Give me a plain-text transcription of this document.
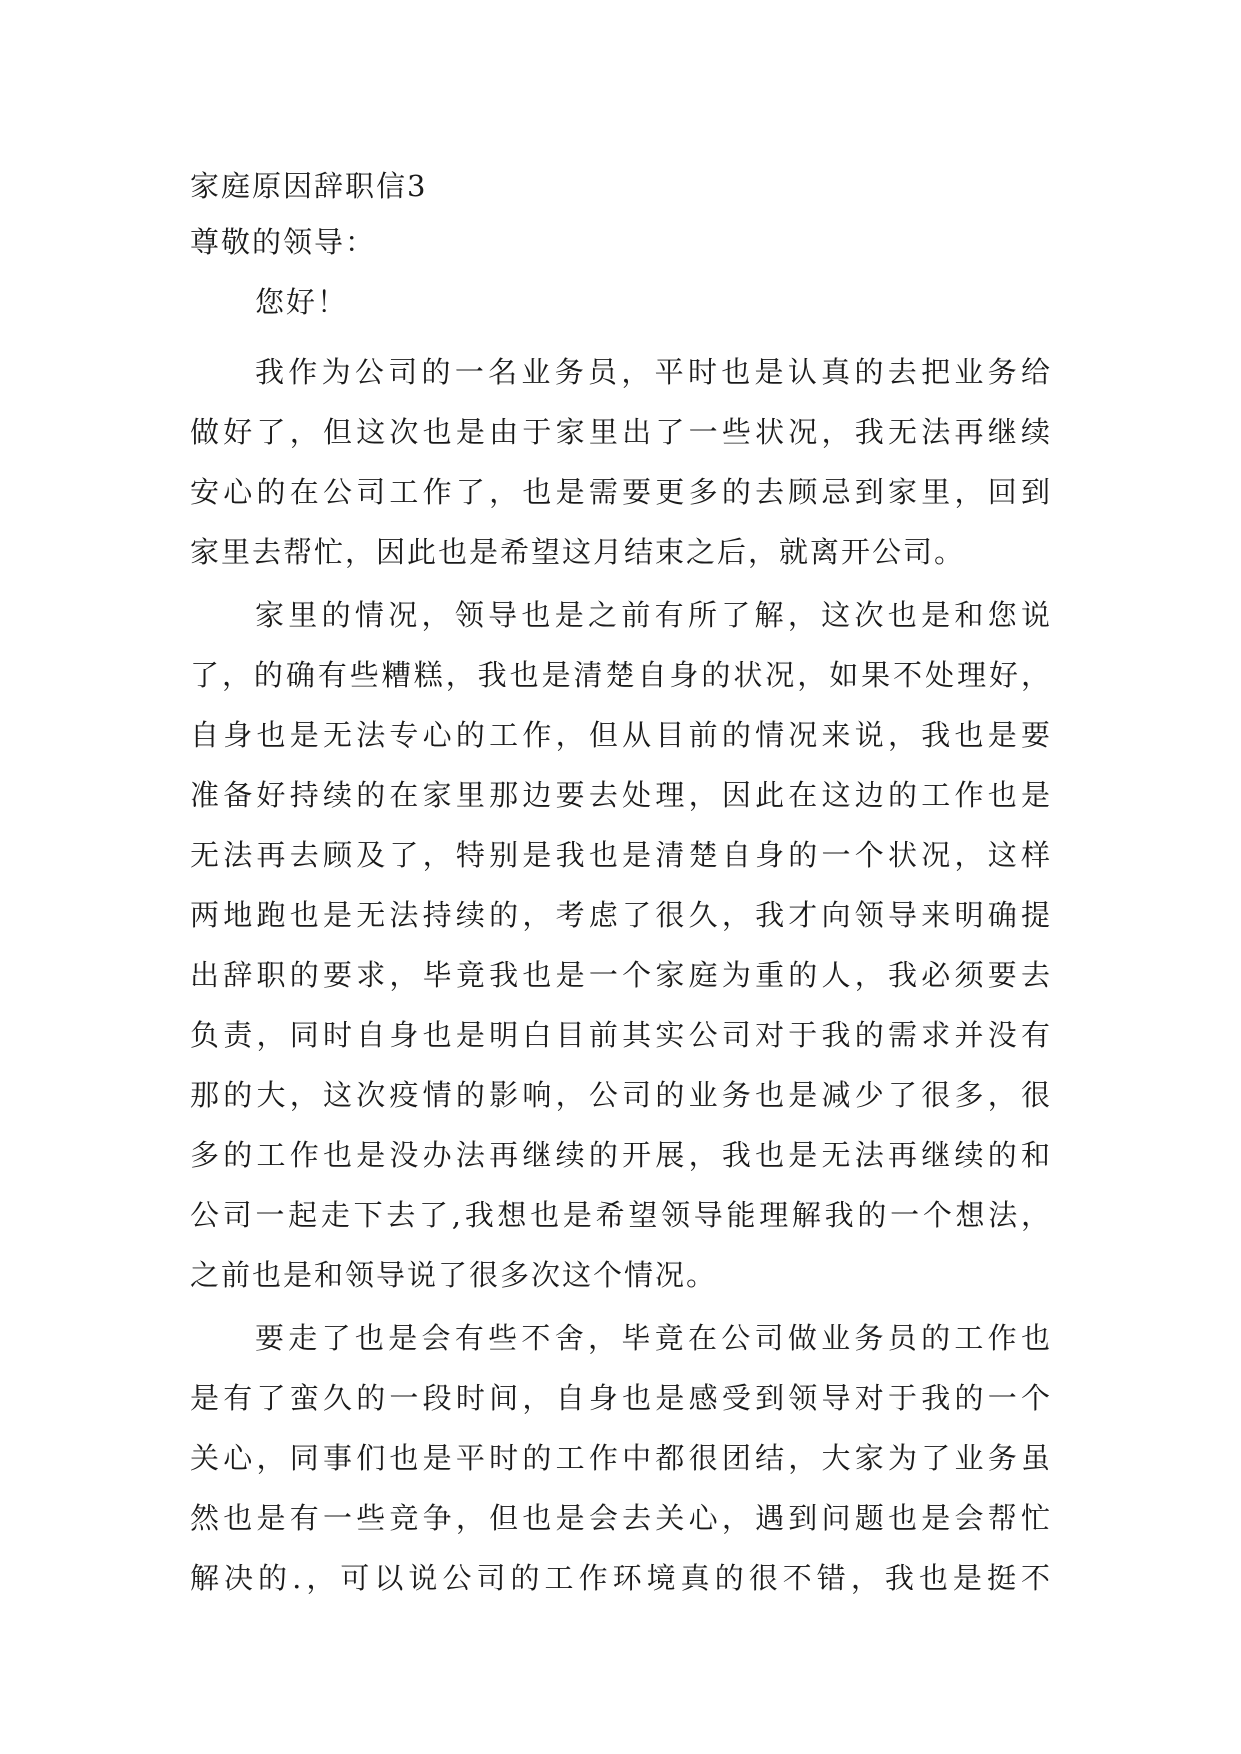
家庭原因辞职信3
尊敬的领导：
您好！
我作为公司的一名业务员，平时也是认真的去把业务给
做好了，但这次也是由于家里出了一些状况，我无法再继续
安心的在公司工作了，也是需要更多的去顾忌到家里，回到
家里去帮忙，因此也是希望这月结束之后，就离开公司。
家里的情况，领导也是之前有所了解，这次也是和您说
了，的确有些糟糕，我也是清楚自身的状况，如果不处理好，
自身也是无法专心的工作，但从目前的情况来说，我也是要
准备好持续的在家里那边要去处理，因此在这边的工作也是
无法再去顾及了，特别是我也是清楚自身的一个状况，这样
两地跑也是无法持续的，考虑了很久，我才向领导来明确提
出辞职的要求，毕竟我也是一个家庭为重的人，我必须要去
负责，同时自身也是明白目前其实公司对于我的需求并没有
那的大，这次疫情的影响，公司的业务也是减少了很多，很
多的工作也是没办法再继续的开展，我也是无法再继续的和
公司一起走下去了,我想也是希望领导能理解我的一个想法，
之前也是和领导说了很多次这个情况。
要走了也是会有些不舍，毕竟在公司做业务员的工作也
是有了蛮久的一段时间，自身也是感受到领导对于我的一个
关心，同事们也是平时的工作中都很团结，大家为了业务虽
然也是有一些竞争，但也是会去关心，遇到问题也是会帮忙
解决的.，可以说公司的工作环境真的很不错，我也是挺不
